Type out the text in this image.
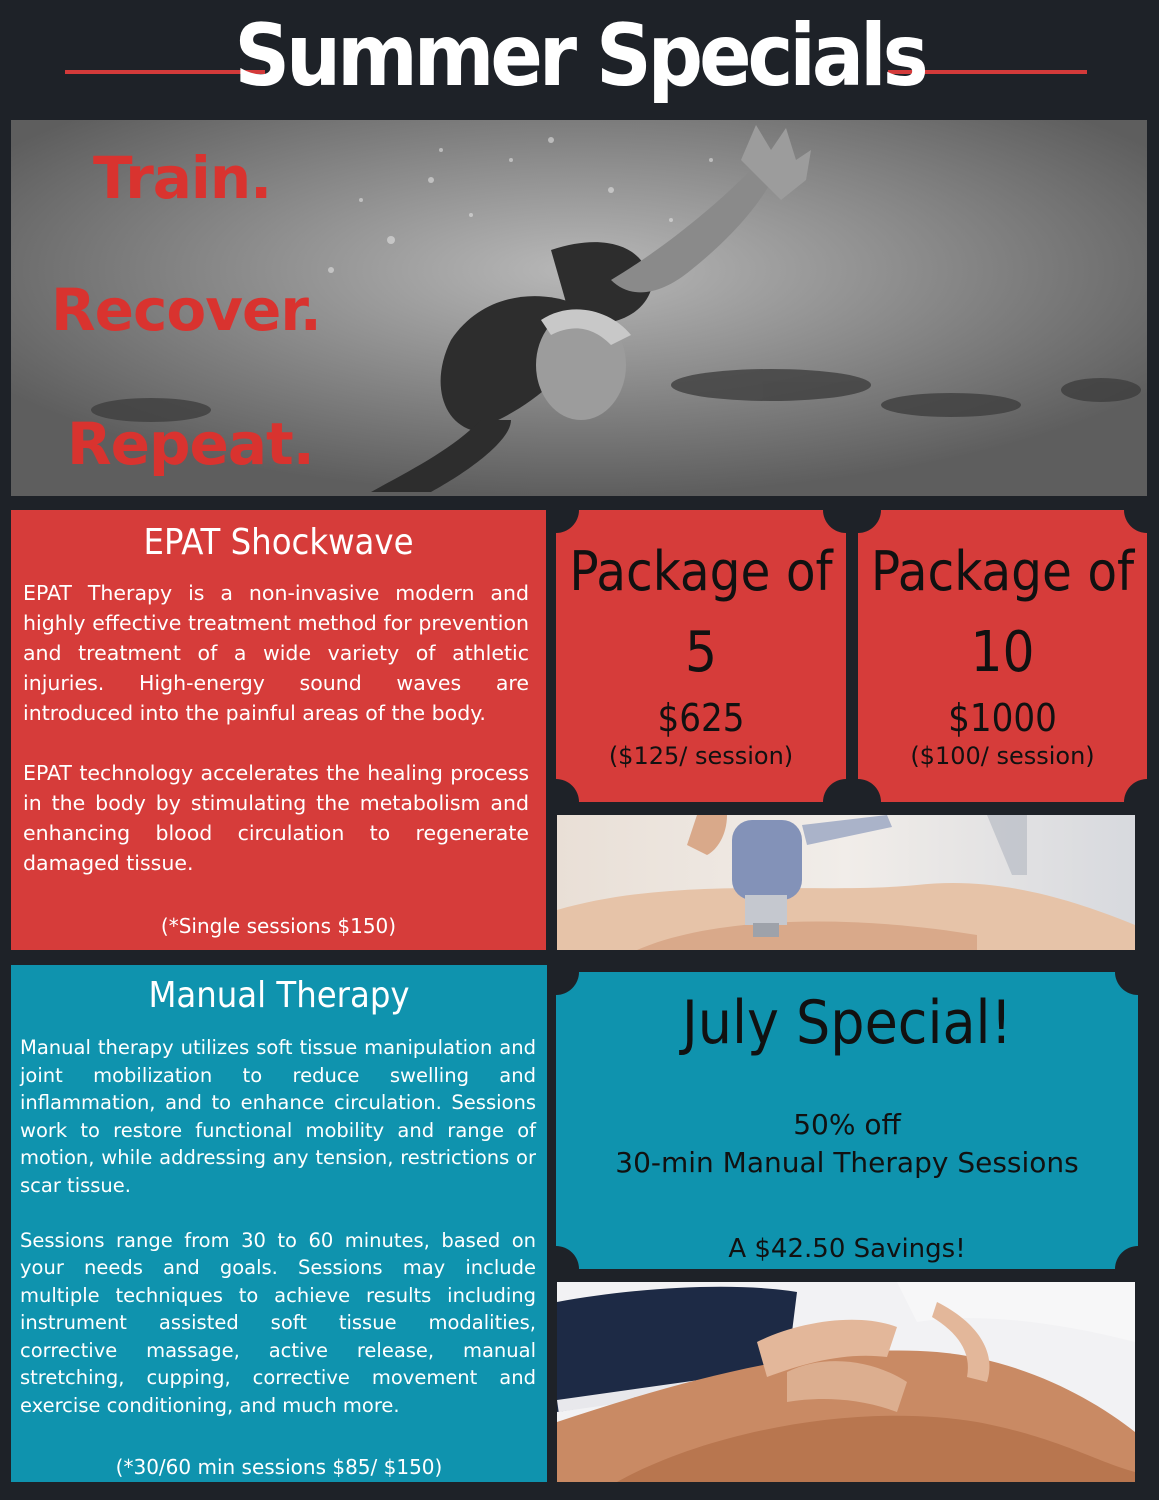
Summer Specials
Train.
Recover.
Repeat.
EPAT Shockwave

EPAT Therapy is a non-invasive modern and highly effective treatment method for prevention and treatment of a wide variety of athletic injuries. High-energy sound waves are introduced into the painful areas of the body.

EPAT technology accelerates the healing process in the body by stimulating the metabolism and enhancing blood circulation to regenerate damaged tissue.

(*Single sessions $150)
Package of
5
$625
($125/ session)
Package of
10
$1000
($100/ session)
Manual Therapy

Manual therapy utilizes soft tissue manipulation and joint mobilization to reduce swelling and inflammation, and to enhance circulation. Sessions work to restore functional mobility and range of motion, while addressing any tension, restrictions or scar tissue.

Sessions range from 30 to 60 minutes, based on your needs and goals. Sessions may include multiple techniques to achieve results including instrument assisted soft tissue modalities, corrective massage, active release, manual stretching, cupping, corrective movement and exercise conditioning, and much more.

(*30/60 min sessions $85/ $150)
July Special!
50% off
30-min Manual Therapy Sessions
A $42.50 Savings!
